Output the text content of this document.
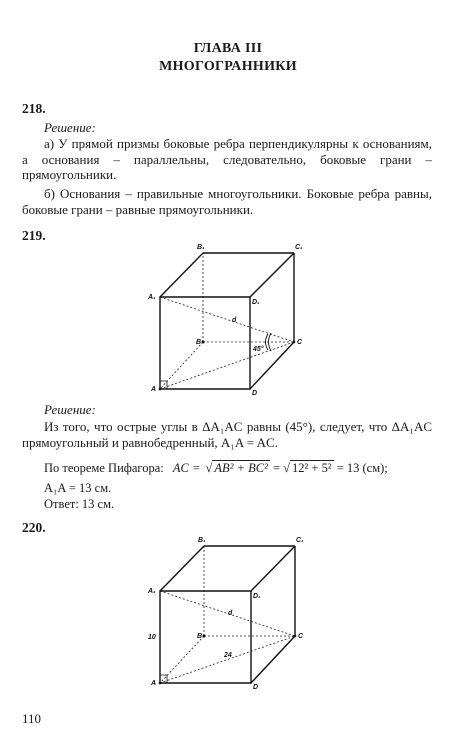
ГЛАВА III
МНОГОГРАННИКИ
218.
Решение:
а) У прямой призмы боковые ребра перпендикулярны к основаниям, а основания – параллельны, следовательно, боковые грани – прямоугольники.
б) Основания – правильные многоугольники. Боковые ребра равны, боковые грани – равные прямоугольники.
219.
B₁	C₁
A₁
D₁
B	C
A
D
d
45°
Решение:
Из того, что острые углы в ΔA₁AC равны (45°), следует, что ΔA₁AC прямоугольный и равнобедренный, A₁A = AC.
По теореме Пифагора: AC = √ AB² + BC² = √ 12² + 5² = 13 (см);
A₁A = 13 см.
Ответ: 13 см.
220.
B₁	C₁
A₁
D₁
B	C
A
D
d
10
24
110
